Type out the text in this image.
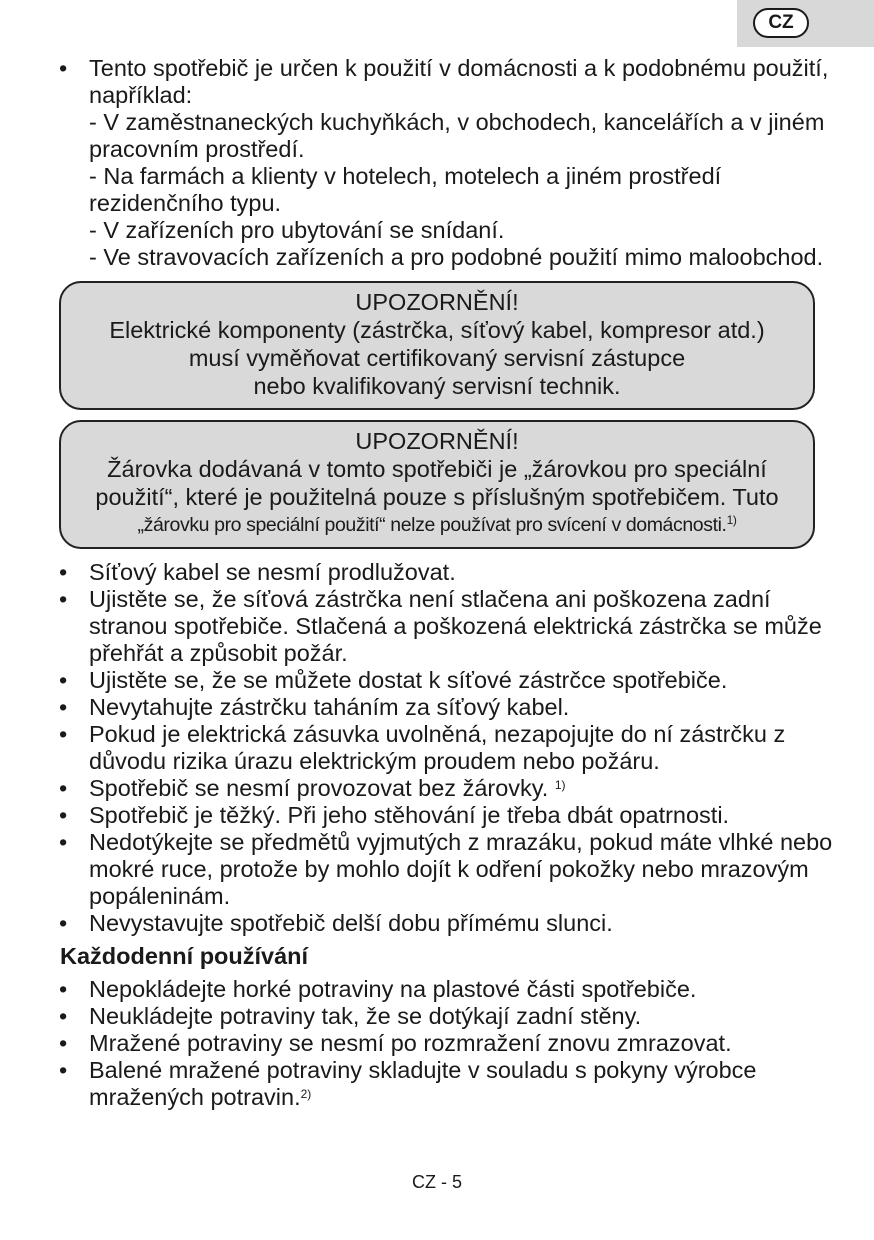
CZ
• Tento spotřebič je určen k použití v domácnosti a k podobnému použití, například:
- V zaměstnaneckých kuchyňkách, v obchodech, kancelářích a v jiném pracovním prostředí.
- Na farmách a klienty v hotelech, motelech a jiném prostředí rezidenčního typu.
- V zařízeních pro ubytování se snídaní.
- Ve stravovacích zařízeních a pro podobné použití mimo maloobchod.
UPOZORNĚNÍ!
Elektrické komponenty (zástrčka, síťový kabel, kompresor atd.)
musí vyměňovat certifikovaný servisní zástupce
nebo kvalifikovaný servisní technik.
UPOZORNĚNÍ!
Žárovka dodávaná v tomto spotřebiči je „žárovkou pro speciální
použití“, které je použitelná pouze s příslušným spotřebičem. Tuto
„žárovku pro speciální použití“ nelze používat pro svícení v domácnosti.$^{1)}$
• Síťový kabel se nesmí prodlužovat.
• Ujistěte se, že síťová zástrčka není stlačena ani poškozena zadní stranou spotřebiče. Stlačená a poškozená elektrická zástrčka se může přehřát a způsobit požár.
• Ujistěte se, že se můžete dostat k síťové zástrčce spotřebiče.
• Nevytahujte zástrčku taháním za síťový kabel.
• Pokud je elektrická zásuvka uvolněná, nezapojujte do ní zástrčku z důvodu rizika úrazu elektrickým proudem nebo požáru.
• Spotřebič se nesmí provozovat bez žárovky. $^{1)}$
• Spotřebič je těžký. Při jeho stěhování je třeba dbát opatrnosti.
• Nedotýkejte se předmětů vyjmutých z mrazáku, pokud máte vlhké nebo mokré ruce, protože by mohlo dojít k odření pokožky nebo mrazovým popáleninám.
• Nevystavujte spotřebič delší dobu přímému slunci.
Každodenní používání
• Nepokládejte horké potraviny na plastové části spotřebiče.
• Neukládejte potraviny tak, že se dotýkají zadní stěny.
• Mražené potraviny se nesmí po rozmražení znovu zmrazovat.
• Balené mražené potraviny skladujte v souladu s pokyny výrobce mražených potravin.$^{2)}$
CZ - 5
